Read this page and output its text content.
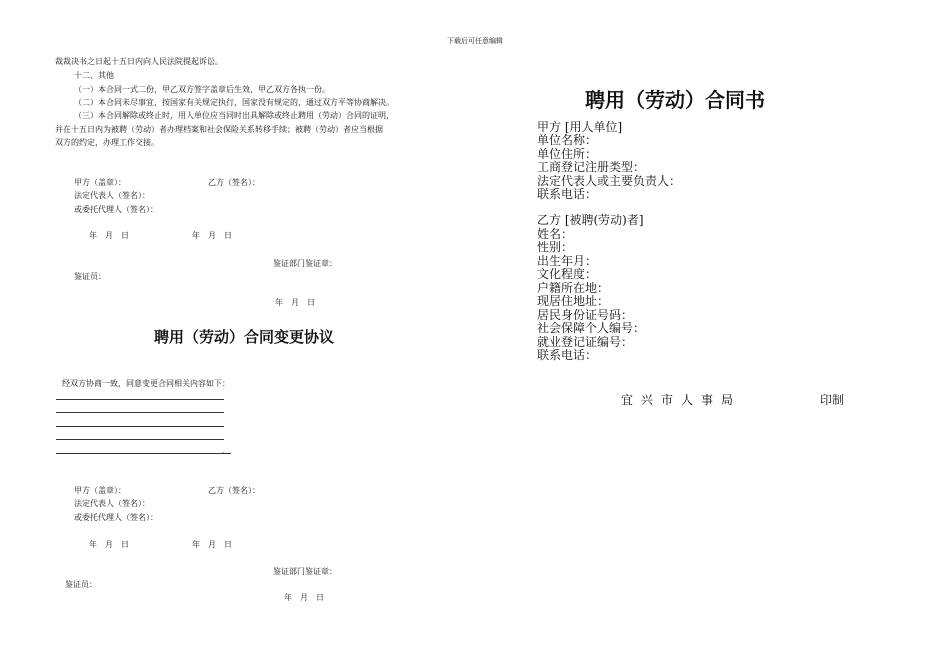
下载后可任意编辑
裁裁决书之日起十五日内向人民法院提起诉讼。
十二、其他
（一）本合同一式二份，甲乙双方签字盖章后生效，甲乙双方各执一份。
（二）本合同未尽事宜，按国家有关规定执行，国家没有规定的，通过双方平等协商解决。
（三）本合同解除或终止时，用人单位应当同时出具解除或终止聘用（劳动）合同的证明，
并在十五日内为被聘（劳动）者办理档案和社会保险关系转移手续；被聘（劳动）者应当根据
双方的约定，办理工作交接。
甲方（盖章）：	乙方（签名）：
法定代表人（签名）：
或委托代理人（签名）：
年　月　日	年　月　日
鉴证部门鉴证章：
鉴证员：
年　月　日
聘用（劳动）合同变更协议
经双方协商一致，同意变更合同相关内容如下：
。
甲方（盖章）：	乙方（签名）：
法定代表人（签名）：
或委托代理人（签名）：
年　月　日	年　月　日
鉴证部门鉴证章：
鉴证员：
年　月　日
聘用（劳动）合同书
甲方 [用人单位]
单位名称：
单位住所：
工商登记注册类型：
法定代表人或主要负责人：
联系电话：
乙方 [被聘(劳动)者]
姓名：
性别：
出生年月：
文化程度：
户籍所在地：
现居住地址：
居民身份证号码：
社会保障个人编号：
就业登记证编号：
联系电话：
宜兴市人事局	印制
